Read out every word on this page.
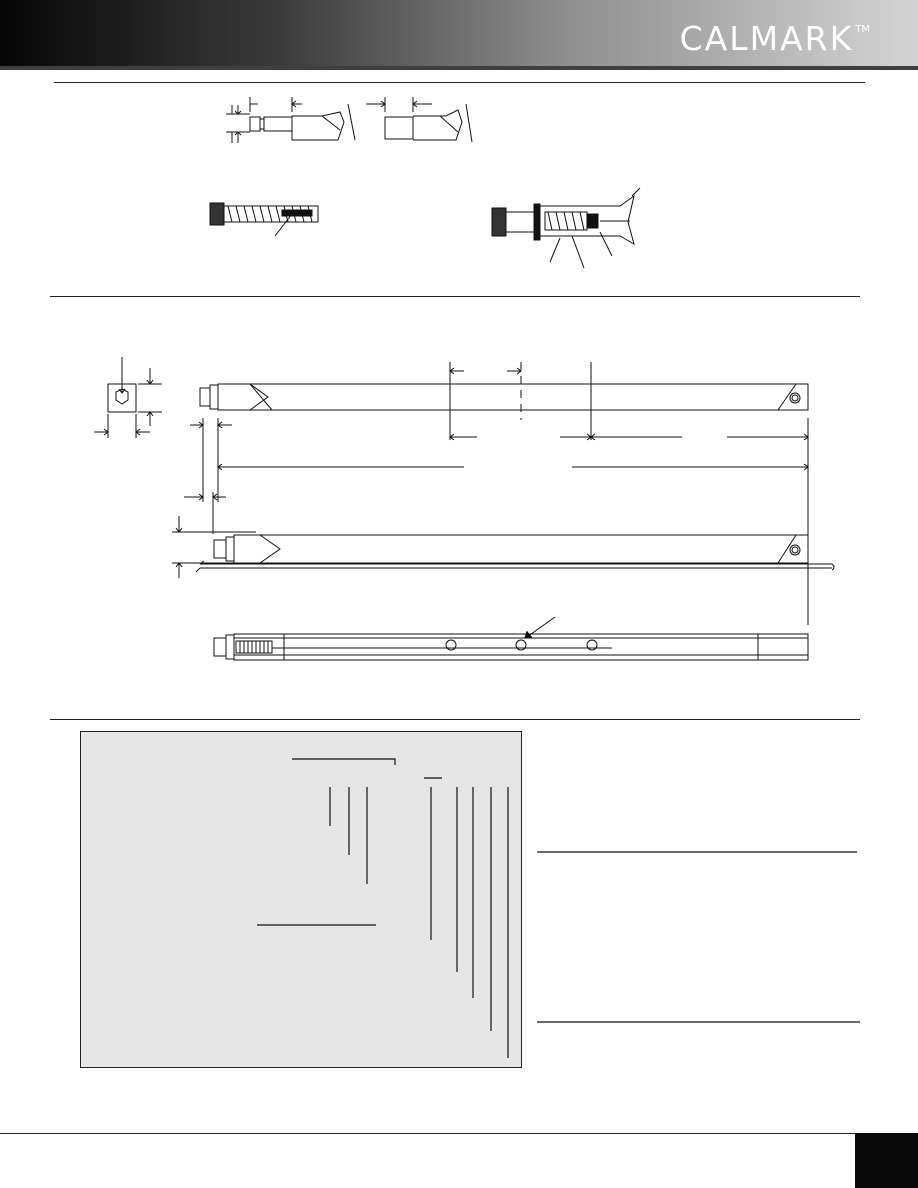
CALMARK ™
